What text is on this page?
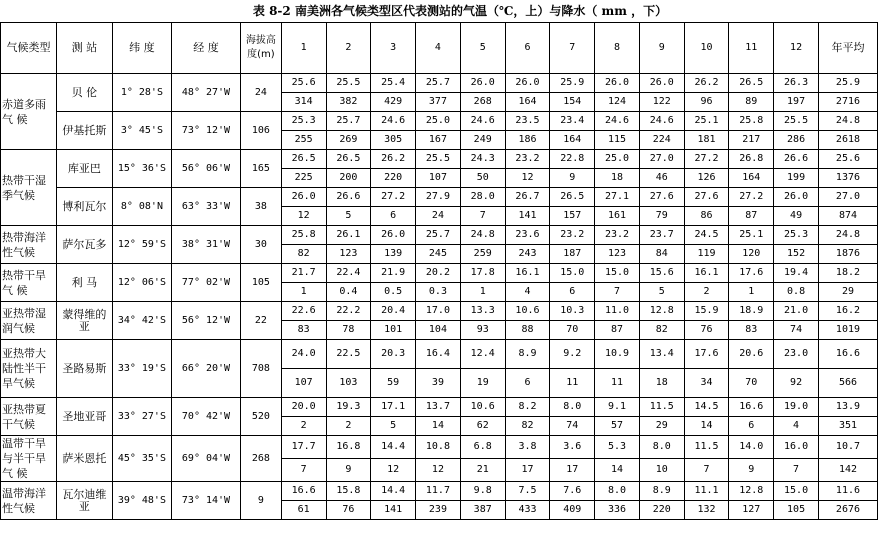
表 8-2 南美洲各气候类型区代表测站的气温（℃，上）与降水（ mm ，下）
气候类型	测 站	纬 度	经 度	海拔高度(m)	1	2	3	4	5	6	7	8	9	10	11	12	年平均
赤道多雨气 候	贝 伦	1° 28'S	48° 27'W	24	25.6	25.5	25.4	25.7	26.0	26.0	25.9	26.0	26.0	26.2	26.5	26.3	25.9
					314	382	429	377	268	164	154	124	122	96	89	197	2716
	伊基托斯	3° 45'S	73° 12'W	106	25.3	25.7	24.6	25.0	24.6	23.5	23.4	24.6	24.6	25.1	25.8	25.5	24.8
					255	269	305	167	249	186	164	115	224	181	217	286	2618
热带干湿季气候	库亚巴	15° 36'S	56° 06'W	165	26.5	26.5	26.2	25.5	24.3	23.2	22.8	25.0	27.0	27.2	26.8	26.6	25.6
					225	200	220	107	50	12	9	18	46	126	164	199	1376
	博利瓦尔	8° 08'N	63° 33'W	38	26.0	26.6	27.2	27.9	28.0	26.7	26.5	27.1	27.6	27.6	27.2	26.0	27.0
					12	5	6	24	7	141	157	161	79	86	87	49	874
热带海洋性气候	萨尔瓦多	12° 59'S	38° 31'W	30	25.8	26.1	26.0	25.7	24.8	23.6	23.2	23.2	23.7	24.5	25.1	25.3	24.8
					82	123	139	245	259	243	187	123	84	119	120	152	1876
热带干旱气 候	利 马	12° 06'S	77° 02'W	105	21.7	22.4	21.9	20.2	17.8	16.1	15.0	15.0	15.6	16.1	17.6	19.4	18.2
					1	0.4	0.5	0.3	1	4	6	7	5	2	1	0.8	29
亚热带湿润气候	蒙得维的亚	34° 42'S	56° 12'W	22	22.6	22.2	20.4	17.0	13.3	10.6	10.3	11.0	12.8	15.9	18.9	21.0	16.2
					83	78	101	104	93	88	70	87	82	76	83	74	1019
亚热带大陆性半干旱气候	圣路易斯	33° 19'S	66° 20'W	708	24.0	22.5	20.3	16.4	12.4	8.9	9.2	10.9	13.4	17.6	20.6	23.0	16.6
					107	103	59	39	19	6	11	11	18	34	70	92	566
亚热带夏干气候	圣地亚哥	33° 27'S	70° 42'W	520	20.0	19.3	17.1	13.7	10.6	8.2	8.0	9.1	11.5	14.5	16.6	19.0	13.9
					2	2	5	14	62	82	74	57	29	14	6	4	351
温带干旱与半干旱气 候	萨米恩托	45° 35'S	69° 04'W	268	17.7	16.8	14.4	10.8	6.8	3.8	3.6	5.3	8.0	11.5	14.0	16.0	10.7
					7	9	12	12	21	17	17	14	10	7	9	7	142
温带海洋性气候	瓦尔迪维亚	39° 48'S	73° 14'W	9	16.6	15.8	14.4	11.7	9.8	7.5	7.6	8.0	8.9	11.1	12.8	15.0	11.6
					61	76	141	239	387	433	409	336	220	132	127	105	2676
